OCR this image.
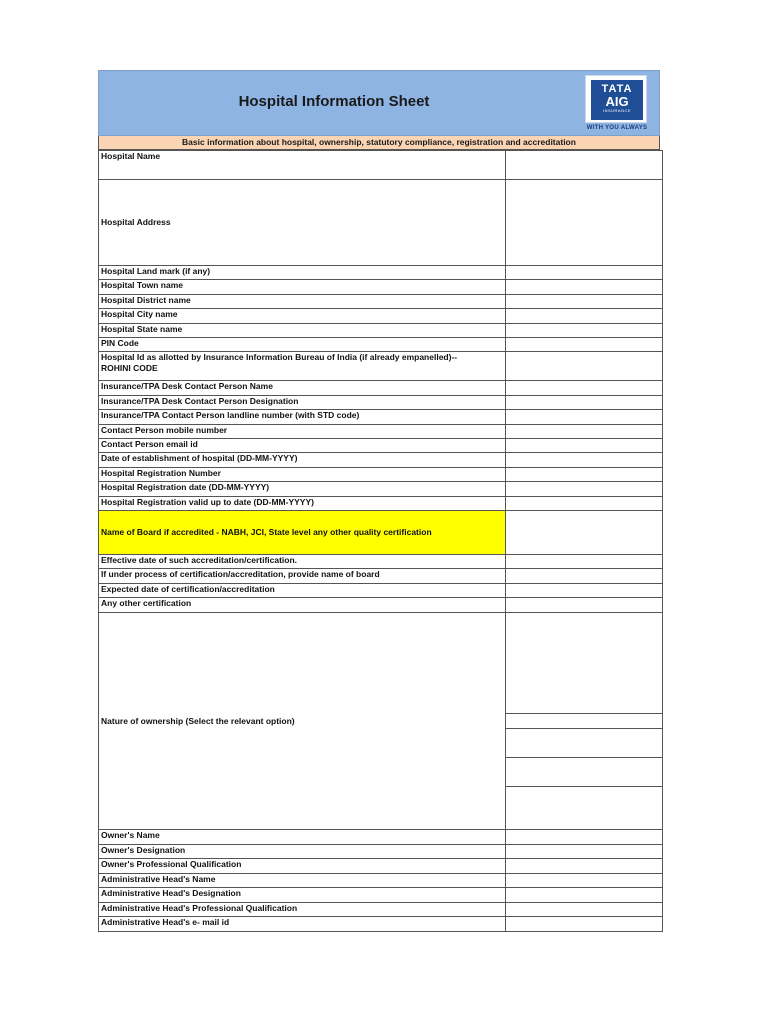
Hospital Information Sheet
TATA
AIG
INSURANCE
WITH YOU ALWAYS
Basic information about hospital, ownership, statutory compliance, registration and accreditation
Hospital Name	
Hospital Address	
Hospital Land mark (if any)	
Hospital Town name	
Hospital District name	
Hospital City name	
Hospital State name	
PIN Code	

Hospital Id as allotted by Insurance Information Bureau of India (if already empanelled)--
ROHINI CODE	

Insurance/TPA Desk Contact Person Name	
Insurance/TPA Desk Contact Person Designation	
Insurance/TPA Contact Person landline number (with STD code)	
Contact Person mobile number	
Contact Person email id	
Date of establishment of hospital (DD-MM-YYYY)	
Hospital Registration Number	
Hospital Registration date (DD-MM-YYYY)	
Hospital Registration valid up to date (DD-MM-YYYY)	
Name of Board if accredited - NABH, JCI, State level any other quality certification	
Effective date of such accreditation/certification.	
If under process of certification/accreditation, provide name of board	
Expected date of certification/accreditation	
Any other certification	
Nature of ownership (Select the relevant option)	

Owner's Name	
Owner's Designation	
Owner's Professional Qualification	
Administrative Head's Name	
Administrative Head's Designation	
Administrative Head's Professional Qualification	
Administrative Head's e- mail id	
